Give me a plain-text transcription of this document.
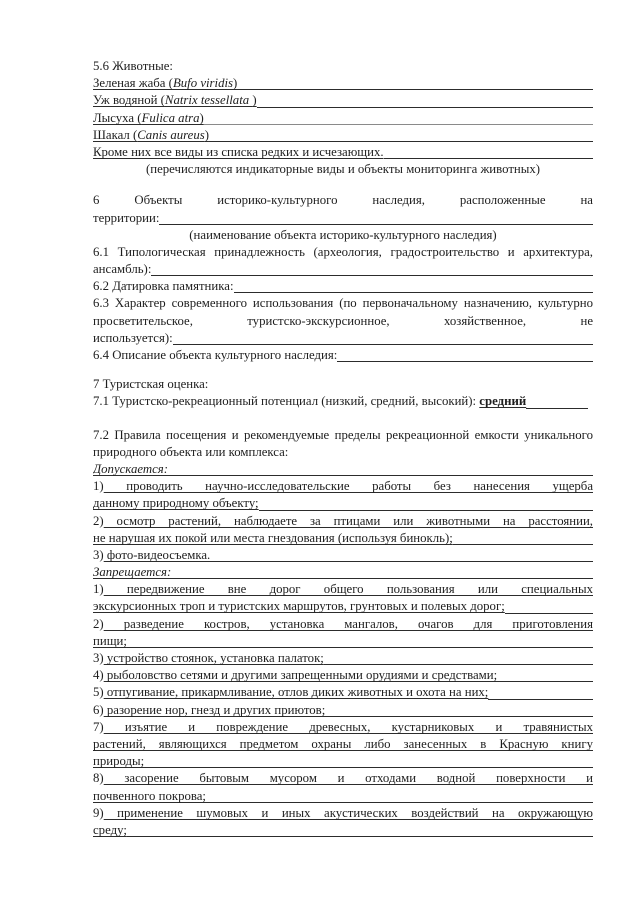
5.6 Животные:
Зеленая жаба ( Bufo viridis )
Уж водяной ( Natrix tessellata )
Лысуха ( Fulica atra )
Шакал ( Canis aureus )
Кроме них все виды из списка редких и исчезающих.
(перечисляются индикаторные виды и объекты мониторинга животных)
6 Объекты историко-культурного наследия, расположенные на
территории:
(наименование объекта историко-культурного наследия)
6.1 Типологическая принадлежность (археология, градостроительство и архитектура,
ансамбль):
6.2 Датировка памятника:
6.3 Характер современного использования (по первоначальному назначению, культурно
просветительское, туристско-экскурсионное, хозяйственное, не
используется):
6.4 Описание объекта культурного наследия:
7 Туристская оценка:
7.1 Туристско-рекреационный потенциал (низкий, средний, высокий): средний
7.2 Правила посещения и рекомендуемые пределы рекреационной емкости уникального
природного объекта или комплекса:
Допускается:
1) проводить научно-исследовательские работы без нанесения ущерба
данному природному объекту;
2) осмотр растений, наблюдаете за птицами или животными на расстоянии,
не нарушая их покой или места гнездования (используя бинокль);
3) фото-видеосъемка.
Запрещается:
1) передвижение вне дорог общего пользования или специальных
экскурсионных троп и туристских маршрутов, грунтовых и полевых дорог;
2) разведение костров, установка мангалов, очагов для приготовления
пищи;
3) устройство стоянок, установка палаток;
4) рыболовство сетями и другими запрещенными орудиями и средствами;
5) отпугивание, прикармливание, отлов диких животных и охота на них;
6) разорение нор, гнезд и других приютов;
7) изъятие и повреждение древесных, кустарниковых и травянистых
растений, являющихся предметом охраны либо занесенных в Красную книгу
природы;
8) засорение бытовым мусором и отходами водной поверхности и
почвенного покрова;
9) применение шумовых и иных акустических воздействий на окружающую
среду;
